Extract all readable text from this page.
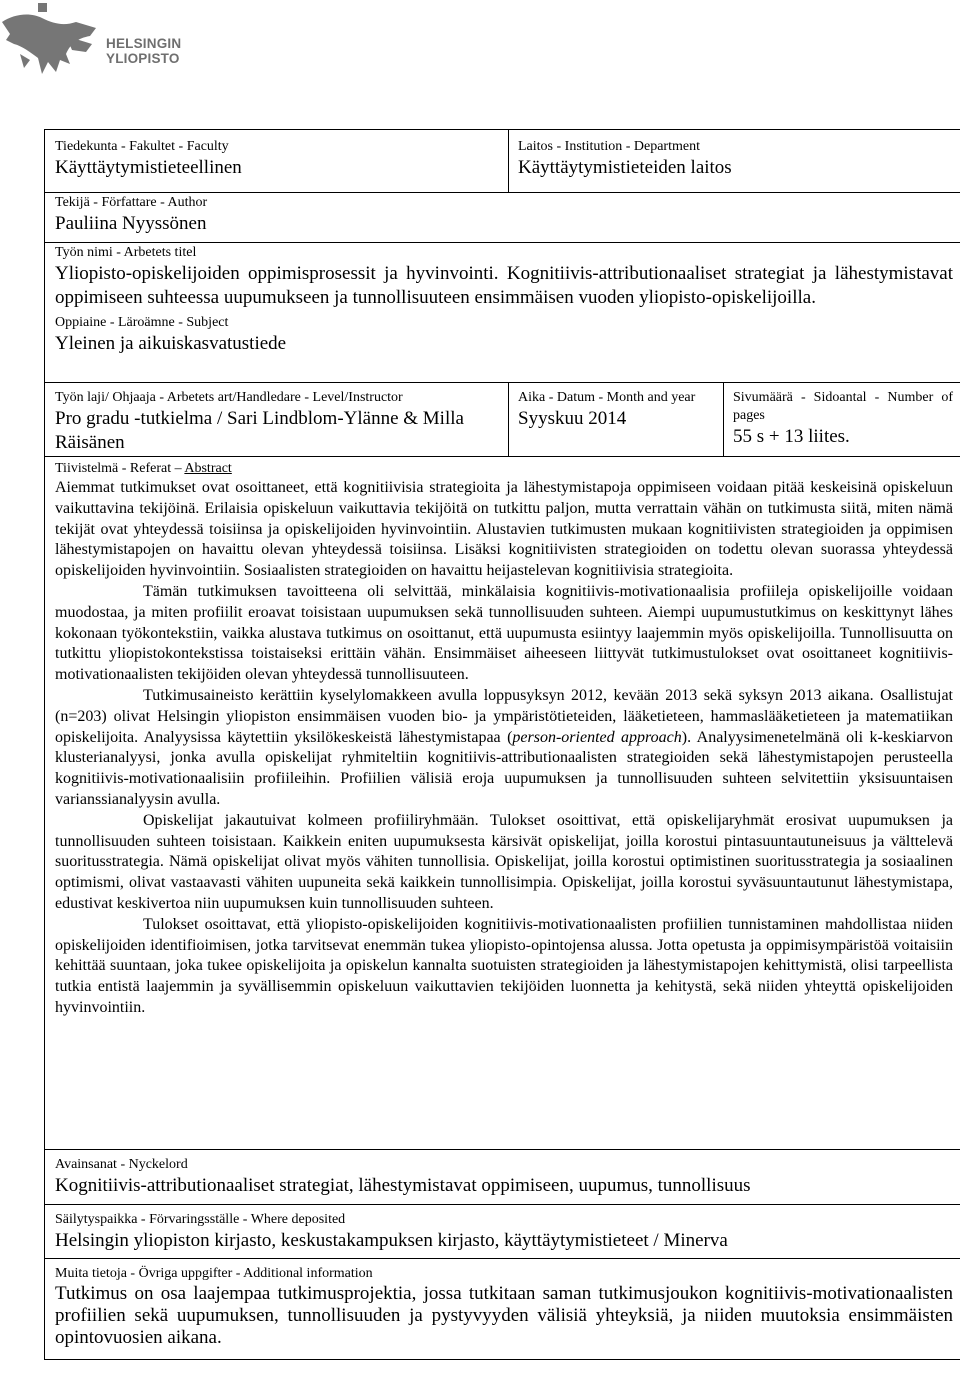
HELSINGIN YLIOPISTO
Tiedekunta - Fakultet - Faculty
Käyttäytymistieteellinen
Laitos - Institution - Department
Käyttäytymistieteiden laitos
Tekijä - Författare - Author
Pauliina Nyyssönen
Työn nimi - Arbetets titel
Yliopisto-opiskelijoiden oppimisprosessit ja hyvinvointi. Kognitiivis-attributionaaliset strategiat ja lähestymistavat oppimiseen suhteessa uupumukseen ja tunnollisuuteen ensimmäisen vuoden yliopisto-opiskelijoilla.
Oppiaine - Läroämne - Subject
Yleinen ja aikuiskasvatustiede
Työn laji/ Ohjaaja - Arbetets art/Handledare - Level/Instructor
Pro gradu -tutkielma / Sari Lindblom-Ylänne & Milla Räisänen
Aika - Datum - Month and year
Syyskuu 2014
Sivumäärä - Sidoantal - Number of pages
55 s + 13 liites.
Tiivistelmä - Referat – Abstract

Aiemmat tutkimukset ovat osoittaneet, että kognitiivisia strategioita ja lähestymistapoja oppimiseen voidaan pitää keskeisinä opiskeluun vaikuttavina tekijöinä. Erilaisia opiskeluun vaikuttavia tekijöitä on tutkittu paljon, mutta verrattain vähän on tutkimusta siitä, miten nämä tekijät ovat yhteydessä toisiinsa ja opiskelijoiden hyvinvointiin. Alustavien tutkimusten mukaan kognitiivisten strategioiden ja oppimisen lähestymistapojen on havaittu olevan yhteydessä toisiinsa. Lisäksi kognitiivisten strategioiden on todettu olevan suorassa yhteydessä opiskelijoiden hyvinvointiin. Sosiaalisten strategioiden on havaittu heijastelevan kognitiivisia strategioita.

Tämän tutkimuksen tavoitteena oli selvittää, minkälaisia kognitiivis-motivationaalisia profiileja opiskelijoille voidaan muodostaa, ja miten profiilit eroavat toisistaan uupumuksen sekä tunnollisuuden suhteen. Aiempi uupumustutkimus on keskittynyt lähes kokonaan työkontekstiin, vaikka alustava tutkimus on osoittanut, että uupumusta esiintyy laajemmin myös opiskelijoilla. Tunnollisuutta on tutkittu yliopistokontekstissa toistaiseksi erittäin vähän. Ensimmäiset aiheeseen liittyvät tutkimustulokset ovat osoittaneet kognitiivis-motivationaalisten tekijöiden olevan yhteydessä tunnollisuuteen.

Tutkimusaineisto kerättiin kyselylomakkeen avulla loppusyksyn 2012, kevään 2013 sekä syksyn 2013 aikana. Osallistujat (n=203) olivat Helsingin yliopiston ensimmäisen vuoden bio- ja ympäristötieteiden, lääketieteen, hammaslääketieteen ja matematiikan opiskelijoita. Analyysissa käytettiin yksilökeskeistä lähestymistapaa (person-oriented approach). Analyysimenetelmänä oli k-keskiarvon klusterianalyysi, jonka avulla opiskelijat ryhmiteltiin kognitiivis-attributionaalisten strategioiden sekä lähestymistapojen perusteella kognitiivis-motivationaalisiin profiileihin. Profiilien välisiä eroja uupumuksen ja tunnollisuuden suhteen selvitettiin yksisuuntaisen varianssianalyysin avulla.

Opiskelijat jakautuivat kolmeen profiiliryhmään. Tulokset osoittivat, että opiskelijaryhmät erosivat uupumuksen ja tunnollisuuden suhteen toisistaan. Kaikkein eniten uupumuksesta kärsivät opiskelijat, joilla korostui pintasuuntautuneisuus ja välttelevä suoritusstrategia. Nämä opiskelijat olivat myös vähiten tunnollisia. Opiskelijat, joilla korostui optimistinen suoritusstrategia ja sosiaalinen optimismi, olivat vastaavasti vähiten uupuneita sekä kaikkein tunnollisimpia. Opiskelijat, joilla korostui syväsuuntautunut lähestymistapa, edustivat keskivertoa niin uupumuksen kuin tunnollisuuden suhteen.

Tulokset osoittavat, että yliopisto-opiskelijoiden kognitiivis-motivationaalisten profiilien tunnistaminen mahdollistaa niiden opiskelijoiden identifioimisen, jotka tarvitsevat enemmän tukea yliopisto-opintojensa alussa. Jotta opetusta ja oppimisympäristöä voitaisiin kehittää suuntaan, joka tukee opiskelijoita ja opiskelun kannalta suotuisten strategioiden ja lähestymistapojen kehittymistä, olisi tarpeellista tutkia entistä laajemmin ja syvällisemmin opiskeluun vaikuttavien tekijöiden luonnetta ja kehitystä, sekä niiden yhteyttä opiskelijoiden hyvinvointiin.

Avainsanat - Nyckelord
Kognitiivis-attributionaaliset strategiat, lähestymistavat oppimiseen, uupumus, tunnollisuus
Säilytyspaikka - Förvaringsställe - Where deposited
Helsingin yliopiston kirjasto, keskustakampuksen kirjasto, käyttäytymistieteet / Minerva
Muita tietoja - Övriga uppgifter - Additional information
Tutkimus on osa laajempaa tutkimusprojektia, jossa tutkitaan saman tutkimusjoukon kognitiivis-motivationaalisten profiilien sekä uupumuksen, tunnollisuuden ja pystyvyyden välisiä yhteyksiä, ja niiden muutoksia ensimmäisten opintovuosien aikana.
